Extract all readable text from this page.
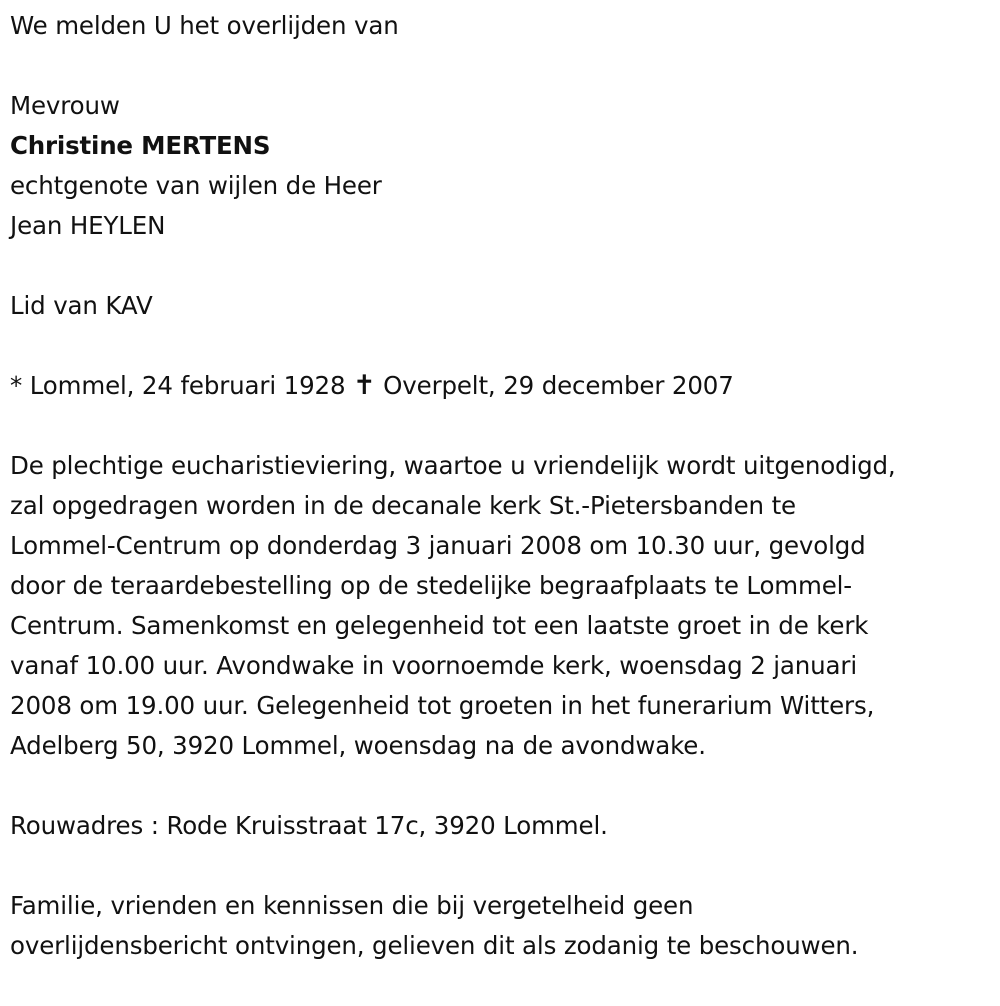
We melden U het overlijden van
Mevrouw
Christine MERTENS
echtgenote van wijlen de Heer
Jean HEYLEN
Lid van KAV
* Lommel, 24 februari 1928 ✝ Overpelt, 29 december 2007
De plechtige eucharistieviering, waartoe u vriendelijk wordt uitgenodigd,
zal opgedragen worden in de decanale kerk St.-Pietersbanden te
Lommel-Centrum op donderdag 3 januari 2008 om 10.30 uur, gevolgd
door de teraardebestelling op de stedelijke begraafplaats te Lommel-
Centrum. Samenkomst en gelegenheid tot een laatste groet in de kerk
vanaf 10.00 uur. Avondwake in voornoemde kerk, woensdag 2 januari
2008 om 19.00 uur. Gelegenheid tot groeten in het funerarium Witters,
Adelberg 50, 3920 Lommel, woensdag na de avondwake.
Rouwadres : Rode Kruisstraat 17c, 3920 Lommel.
Familie, vrienden en kennissen die bij vergetelheid geen
overlijdensbericht ontvingen, gelieven dit als zodanig te beschouwen.
